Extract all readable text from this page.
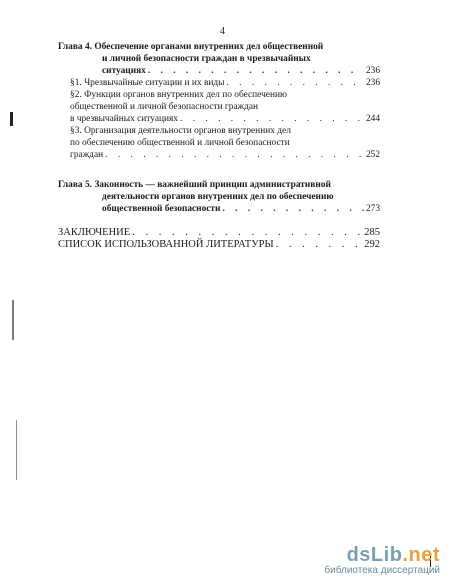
4
Глава 4. Обеспечение органами внутренних дел общественной
и личной безопасности граждан в чрезвычайных
ситуациях . . .	236
§1. Чрезвычайные ситуации и их виды . . .	236
§2. Функции органов внутренних дел по обеспечению
общественной и личной безопасности граждан
в чрезвычайных ситуациях . . .	244
§3. Организация деятельности органов внутренних дел
по обеспечению общественной и личной безопасности
граждан . . .	252
Глава 5. Законность — важнейший принцип административной
деятельности органов внутренних дел по обеспечению
общественной безопасности . . .	273
ЗАКЛЮЧЕНИЕ . . .	285
СПИСОК ИСПОЛЬЗОВАННОЙ ЛИТЕРАТУРЫ . . .	292
dsLib.net
библиотека диссертаций
